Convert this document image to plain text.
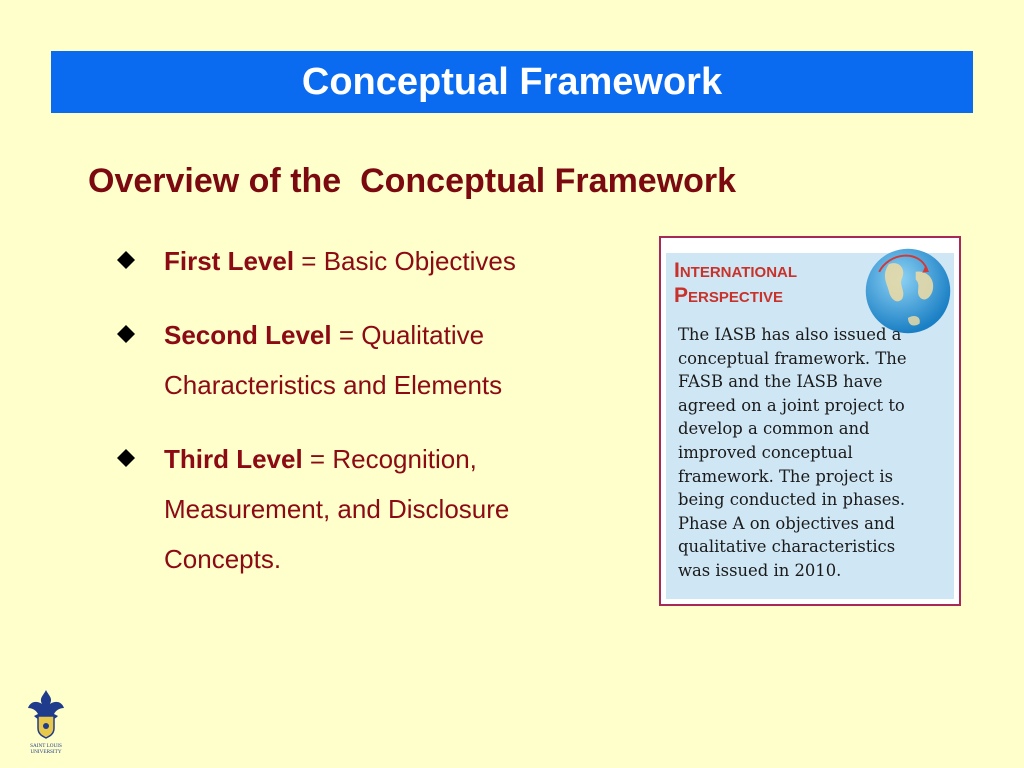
Conceptual Framework
Overview of the  Conceptual Framework
First Level = Basic Objectives
Second Level = Qualitative
Characteristics and Elements
Third Level = Recognition,
Measurement, and Disclosure
Concepts.
INTERNATIONAL
PERSPECTIVE
The IASB has also issued a
conceptual framework. The
FASB and the IASB have
agreed on a joint project to
develop a common and
improved conceptual
framework. The project is
being conducted in phases.
Phase A on objectives and
qualitative characteristics
was issued in 2010.
SAINT LOUIS
UNIVERSITY
